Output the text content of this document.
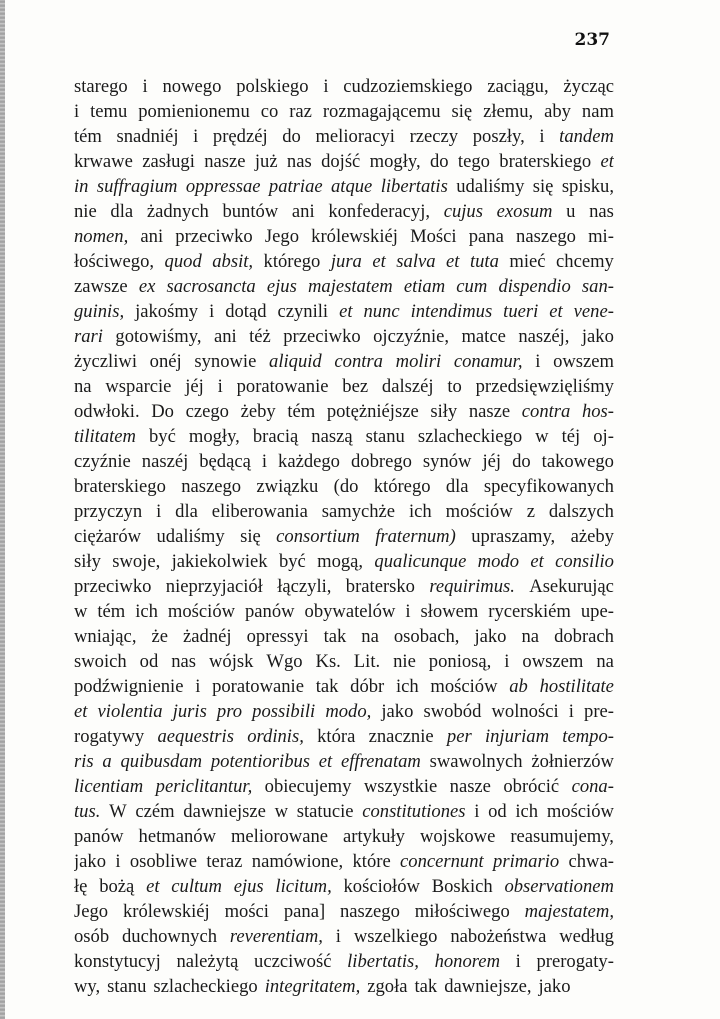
237
starego i nowego polskiego i cudzoziemskiego zaciągu, życząc
i temu pomienionemu co raz rozmagającemu się złemu, aby nam
tém snadniéj i prędzéj do melioracyi rzeczy poszły, i tandem
krwawe zasługi nasze już nas dojść mogły, do tego braterskiego et
in suffragium oppressae patriae atque libertatis udaliśmy się spisku,
nie dla żadnych buntów ani konfederacyj, cujus exosum u nas
nomen, ani przeciwko Jego królewskiéj Mości pana naszego mi-
łościwego, quod absit, którego jura et salva et tuta mieć chcemy
zawsze ex sacrosancta ejus majestatem etiam cum dispendio san-
guinis, jakośmy i dotąd czynili et nunc intendimus tueri et vene-
rari gotowiśmy, ani téż przeciwko ojczyźnie, matce naszéj, jako
życzliwi onéj synowie aliquid contra moliri conamur, i owszem
na wsparcie jéj i poratowanie bez dalszéj to przedsięwzięliśmy
odwłoki. Do czego żeby tém potężniéjsze siły nasze contra hos-
tilitatem być mogły, bracią naszą stanu szlacheckiego w téj oj-
czyźnie naszéj będącą i każdego dobrego synów jéj do takowego
braterskiego naszego związku (do którego dla specyfikowanych
przyczyn i dla eliberowania samychże ich mościów z dalszych
ciężarów udaliśmy się consortium fraternum) upraszamy, ażeby
siły swoje, jakiekolwiek być mogą, qualicunque modo et consilio
przeciwko nieprzyjaciół łączyli, bratersko requirimus. Asekurując
w tém ich mościów panów obywatelów i słowem rycerskiém upe-
wniając, że żadnéj opressyi tak na osobach, jako na dobrach
swoich od nas wójsk Wgo Ks. Lit. nie poniosą, i owszem na
podźwignienie i poratowanie tak dóbr ich mościów ab hostilitate
et violentia juris pro possibili modo, jako swobód wolności i pre-
rogatywy aequestris ordinis, która znacznie per injuriam tempo-
ris a quibusdam potentioribus et effrenatam swawolnych żołnierzów
licentiam periclitantur, obiecujemy wszystkie nasze obrócić cona-
tus. W czém dawniejsze w statucie constitutiones i od ich mościów
panów hetmanów meliorowane artykuły wojskowe reasumujemy,
jako i osobliwe teraz namówione, które concernunt primario chwa-
łę bożą et cultum ejus licitum, kościołów Boskich observationem
Jego królewskiéj mości pana] naszego miłościwego majestatem,
osób duchownych reverentiam, i wszelkiego nabożeństwa według
konstytucyj należytą uczciwość libertatis, honorem i prerogaty-
wy, stanu szlacheckiego integritatem, zgoła tak dawniejsze, jako
